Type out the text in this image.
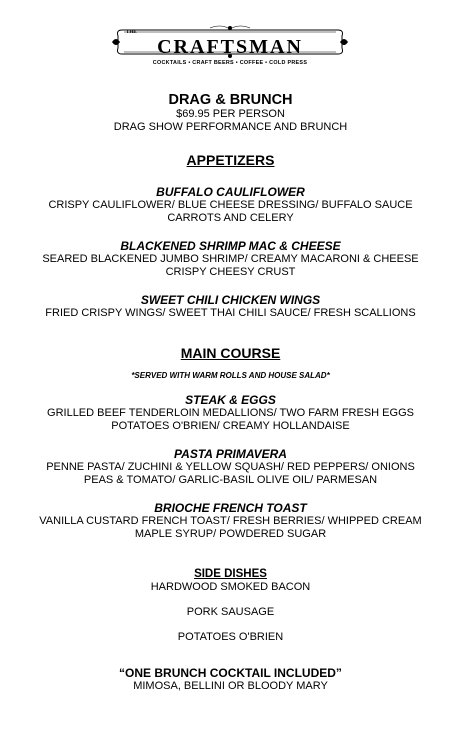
THE
CRAFTSMAN
COCKTAILS • CRAFT BEERS • COFFEE • COLD PRESS
DRAG & BRUNCH
$69.95 PER PERSON
DRAG SHOW PERFORMANCE AND BRUNCH
APPETIZERS
BUFFALO CAULIFLOWER
CRISPY CAULIFLOWER/ BLUE CHEESE DRESSING/ BUFFALO SAUCE
CARROTS AND CELERY
BLACKENED SHRIMP MAC & CHEESE
SEARED BLACKENED JUMBO SHRIMP/ CREAMY MACARONI & CHEESE
CRISPY CHEESY CRUST
SWEET CHILI CHICKEN WINGS
FRIED CRISPY WINGS/ SWEET THAI CHILI SAUCE/ FRESH SCALLIONS
MAIN COURSE
*SERVED WITH WARM ROLLS AND HOUSE SALAD*
STEAK & EGGS
GRILLED BEEF TENDERLOIN MEDALLIONS/ TWO FARM FRESH EGGS
POTATOES O'BRIEN/ CREAMY HOLLANDAISE
PASTA PRIMAVERA
PENNE PASTA/ ZUCHINI & YELLOW SQUASH/ RED PEPPERS/ ONIONS
PEAS & TOMATO/ GARLIC-BASIL OLIVE OIL/ PARMESAN
BRIOCHE FRENCH TOAST
VANILLA CUSTARD FRENCH TOAST/ FRESH BERRIES/ WHIPPED CREAM
MAPLE SYRUP/ POWDERED SUGAR
SIDE DISHES
HARDWOOD SMOKED BACON
PORK SAUSAGE
POTATOES O'BRIEN
“ONE BRUNCH COCKTAIL INCLUDED”
MIMOSA, BELLINI OR BLOODY MARY
